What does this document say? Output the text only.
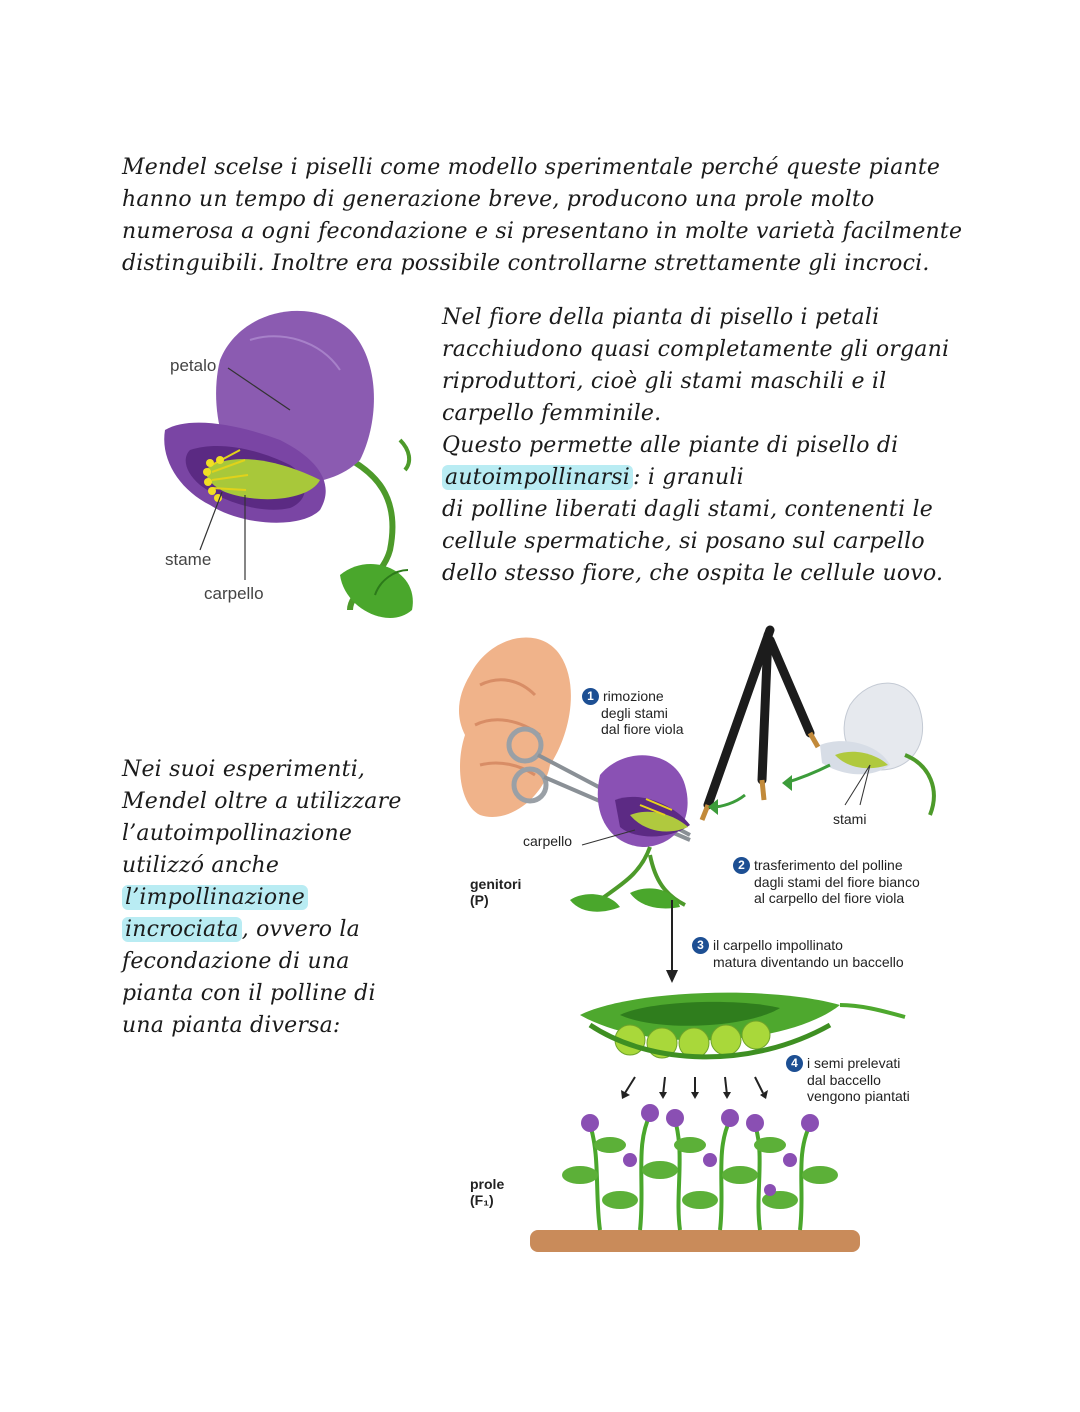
Mendel scelse i piselli come modello sperimentale perché queste piante
hanno un tempo di generazione breve, producono una prole molto
numerosa a ogni fecondazione e si presentano in molte varietà facilmente
distinguibili. Inoltre era possibile controllarne strettamente gli incroci.
petalo
stame
carpello
Nel fiore della pianta di pisello i petali
racchiudono quasi completamente gli organi
riproduttori, cioè gli stami maschili e il
carpello femminile.
Questo permette alle piante di pisello di
autoimpollinarsi : i granuli
di polline liberati dagli stami, contenenti le
cellule spermatiche, si posano sul carpello
dello stesso fiore, che ospita le cellule uovo.
Nei suoi esperimenti,
Mendel oltre a utilizzare
l’autoimpollinazione
utilizzó anche
l’impollinazione
incrociata , ovvero la
fecondazione di una
pianta con il polline di
una pianta diversa:
1 rimozione
degli stami
dal fiore viola
stami
carpello
genitori
(P)
2 trasferimento del polline
dagli stami del fiore bianco
al carpello del fiore viola
3 il carpello impollinato
matura diventando un baccello
4 i semi prelevati
dal baccello
vengono piantati
prole
(F₁)
